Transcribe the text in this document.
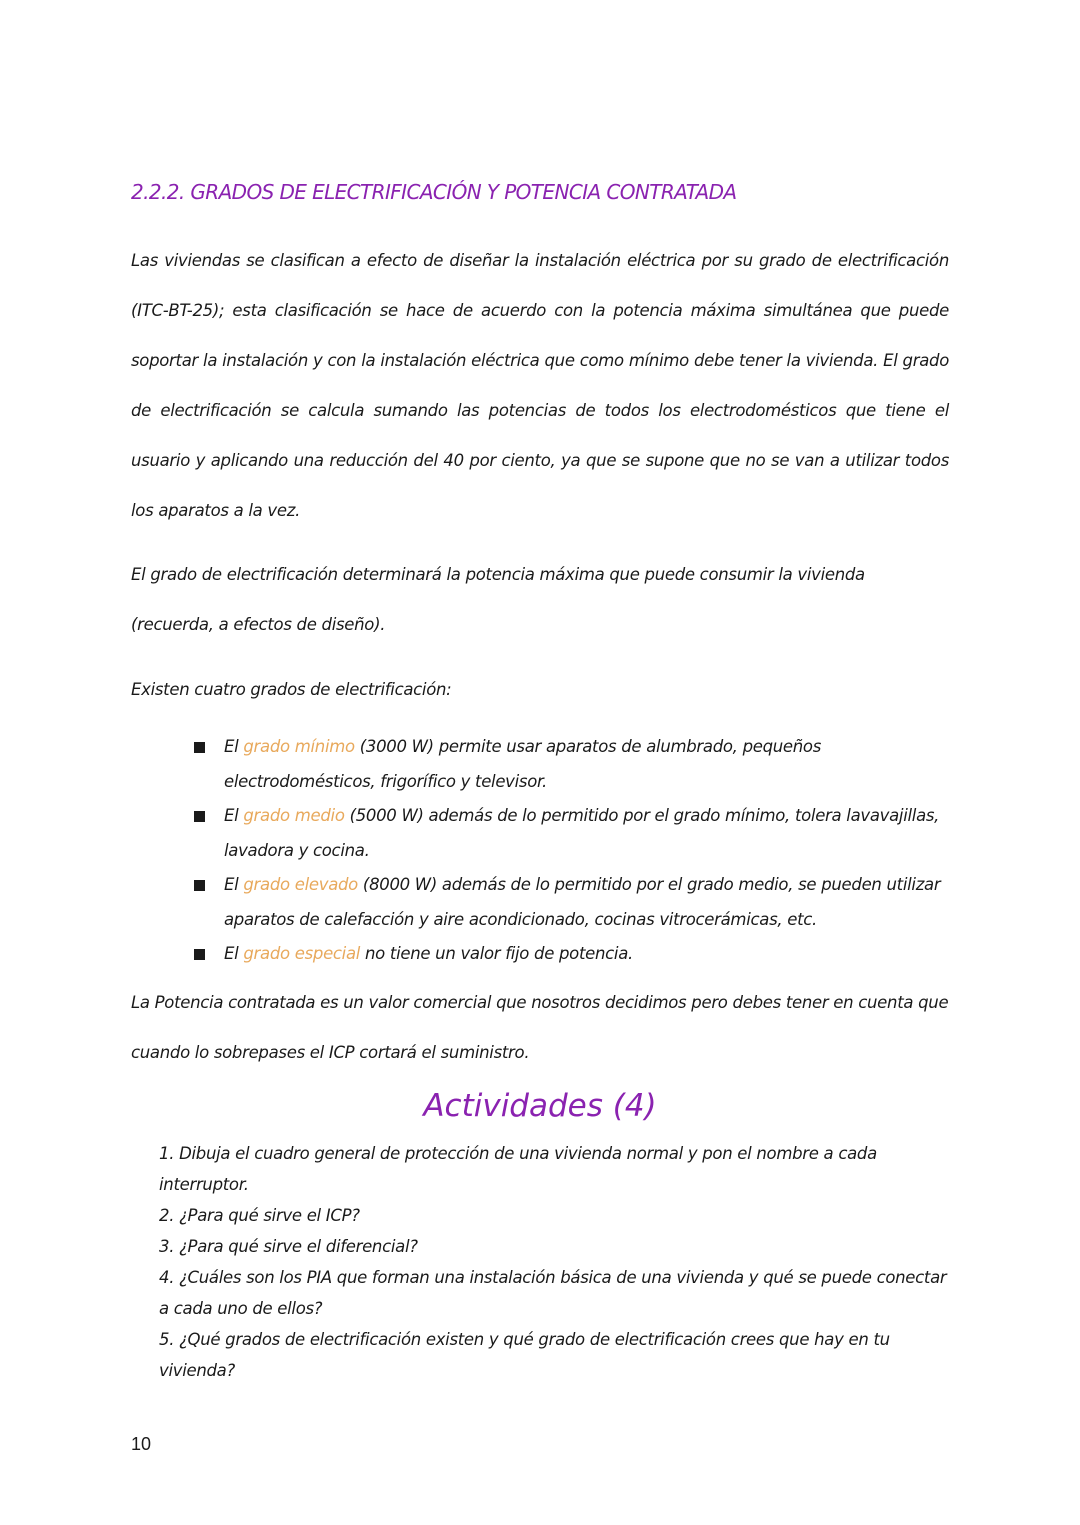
2.2.2. GRADOS DE ELECTRIFICACIÓN Y POTENCIA CONTRATADA
Las viviendas se clasifican a efecto de diseñar la instalación eléctrica por su grado de electrificación (ITC-BT-25); esta clasificación se hace de acuerdo con la potencia máxima simultánea que puede soportar la instalación y con la instalación eléctrica que como mínimo debe tener la vivienda. El grado de electrificación se calcula sumando las potencias de todos los electrodomésticos que tiene el usuario y aplicando una reducción del 40 por ciento, ya que se supone que no se van a utilizar todos los aparatos a la vez.
El grado de electrificación determinará la potencia máxima que puede consumir la vivienda (recuerda, a efectos de diseño).
Existen cuatro grados de electrificación:
El grado mínimo (3000 W) permite usar aparatos de alumbrado, pequeños electrodomésticos, frigorífico y televisor.
El grado medio (5000 W) además de lo permitido por el grado mínimo, tolera lavavajillas, lavadora y cocina.
El grado elevado (8000 W) además de lo permitido por el grado medio, se pueden utilizar aparatos de calefacción y aire acondicionado, cocinas vitrocerámicas, etc.
El grado especial no tiene un valor fijo de potencia.
La Potencia contratada es un valor comercial que nosotros decidimos pero debes tener en cuenta que cuando lo sobrepases el ICP cortará el suministro.
Actividades (4)
1. Dibuja el cuadro general de protección de una vivienda normal y pon el nombre a cada interruptor.
2. ¿Para qué sirve el ICP?
3. ¿Para qué sirve el diferencial?
4. ¿Cuáles son los PIA que forman una instalación básica de una vivienda y qué se puede conectar a cada uno de ellos?
5. ¿Qué grados de electrificación existen y qué grado de electrificación crees que hay en tu vivienda?
10
